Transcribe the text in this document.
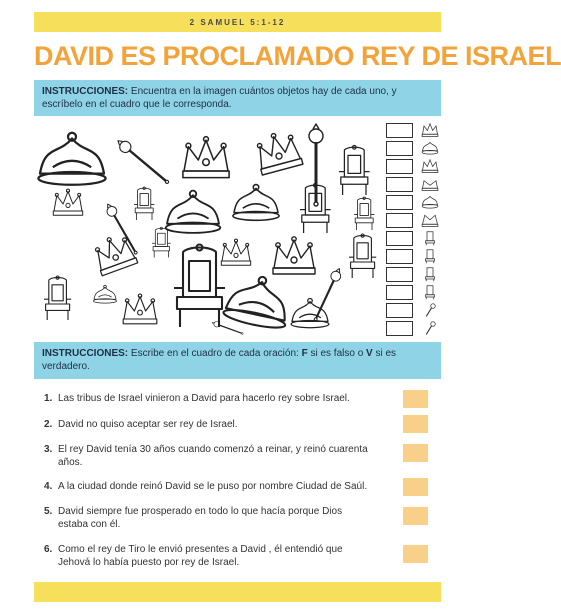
2 SAMUEL 5:1-12
DAVID ES PROCLAMADO REY DE ISRAEL
INSTRUCCIONES: Encuentra en la imagen cuántos objetos hay de cada uno, y escríbelo en el cuadro que le corresponda.
INSTRUCCIONES: Escribe en el cuadro de cada oración: F si es falso o V si es verdadero.
1. Las tribus de Israel vinieron a David para hacerlo rey sobre Israel.
2. David no quiso aceptar ser rey de Israel.
3. El rey David tenía 30 años cuando comenzó a reinar, y reinó cuarenta años.
4. A la ciudad donde reinó David se le puso por nombre Ciudad de Saúl.
5. David siempre fue prosperado en todo lo que hacía porque Dios estaba con él.
6. Como el rey de Tiro le envió presentes a David , él entendió que Jehová lo había puesto por rey de Israel.
